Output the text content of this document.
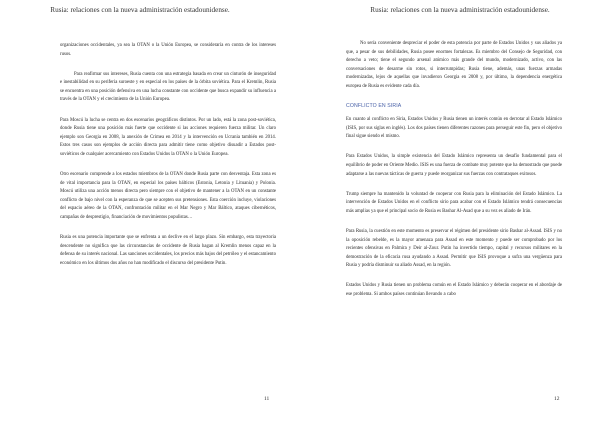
Rusia: relaciones con la nueva administración estadounidense.

organizaciones occidentales, ya sea la OTAN o la Unión Europea, se consideraría en contra de los intereses rusos.

Para reafirmar sus intereses, Rusia cuenta con una estrategia basada en crear un cinturón de inseguridad e inestabilidad en su periferia suroeste y en especial en los países de la órbita soviética. Para el Kremlin, Rusia se encuentra en una posición defensiva en una lucha constante con occidente que busca expandir su influencia a través de la OTAN y el crecimiento de la Unión Europea.

Para Moscú la lucha se centra en dos escenarios geográficos distintos. Por un lado, está la zona post-soviética, donde Rusia tiene una posición más fuerte que occidente si las acciones requieren fuerza militar. Un claro ejemplo son Georgia en 2008, la anexión de Crimea en 2014 y la intervención en Ucrania también en 2014. Estos tres casos son ejemplos de acción directa para admitir tiene como objetivo disuadir a Estados post-soviéticos de cualquier acercamiento con Estados Unidos la OTAN o la Unión Europea.

Otro escenario comprende a los estados miembros de la OTAN donde Rusia parte con desventaja. Esta zona es de vital importancia para la OTAN, en especial los países bálticos (Estonia, Letonia y Lituania) y Polonia. Moscú utiliza una acción menos directa pero siempre con el objetivo de mantener a la OTAN en un constante conflicto de bajo nivel con la esperanza de que se acepten sus pretensiones. Esta coerción incluye, violaciones del espacio aéreo de la OTAN, confrontación militar en el Mar Negro y Mar Báltico, ataques cibernéticos, campañas de desprestigio, financiación de movimientos populistas…

Rusia es una potencia importante que se enfrenta a un declive en el largo plazo. Sin embargo, esta trayectoria descendente no significa que las circunstancias de occidente de Rusia hagan al Kremlin menos capaz en la defensa de su interés nacional. Las sanciones occidentales, los precios más bajos del petróleo y el estancamiento económico en los últimos dos años no han modificado el discurso del presidente Putin.

11
Rusia: relaciones con la nueva administración estadounidense.

No sería conveniente despreciar el poder de esta potencia por parte de Estados Unidos y sus aliados ya que, a pesar de sus debilidades, Rusia posee enormes fortalezas. Es miembro del Consejo de Seguridad, con derecho a veto; tiene el segundo arsenal atómico más grande del mundo, modernizado, activo, con las conversaciones de desarme sin rotos, si interrumpidas; Rusia tiene, además, unas fuerzas armadas modernizadas, lejos de aquellas que invadieron Georgia en 2008 y, por último, la dependencia energética europea de Rusia es evidente cada día.

CONFLICTO EN SIRIA

En cuanto al conflicto en Siria, Estados Unidos y Rusia tienen un interés común en derrotar al Estado Islámico (ISIS, por sus siglas en inglés). Los dos países tienen diferentes razones para perseguir este fin, pero el objetivo final sigue siendo el mismo.

Para Estados Unidos, la simple existencia del Estado Islámico representa un desafío fundamental para el equilibrio de poder en Oriente Medio. ISIS es una fuerza de combate muy potente que ha demostrado que puede adaptarse a las nuevas tácticas de guerra y puede reorganizar sus fuerzas con contrataques exitosos.

Trump siempre ha mantenido la voluntad de cooperar con Rusia para la eliminación del Estado Islámico. La intervención de Estados Unidos en el conflicto sirio para acabar con el Estado Islámico tendrá consecuencias más amplias ya que el principal socio de Rusia es Bashar Al-Asad que a su vez es aliado de Irán.

Para Rusia, la cuestión en este momento es preservar el régimen del presidente sirio Bashar al-Assad. ISIS y no la oposición rebelde, es la mayor amenaza para Assad en este momento y puede ser comprobado por los recientes ofensivas en Palmira y Deir al-Zour. Putin ha invertido tiempo, capital y recursos militares en la demostración de la eficacia rusa ayudando a Assad. Permitir que ISIS provoque a sufra una vergüenza para Rusia y podría disminuir su aliado Assad, en la región.

Estados Unidos y Rusia tienen un problema común en el Estado Islámico y deberán cooperar en el abordaje de ese problema. Si ambos países continúan llevando a cabo

12
